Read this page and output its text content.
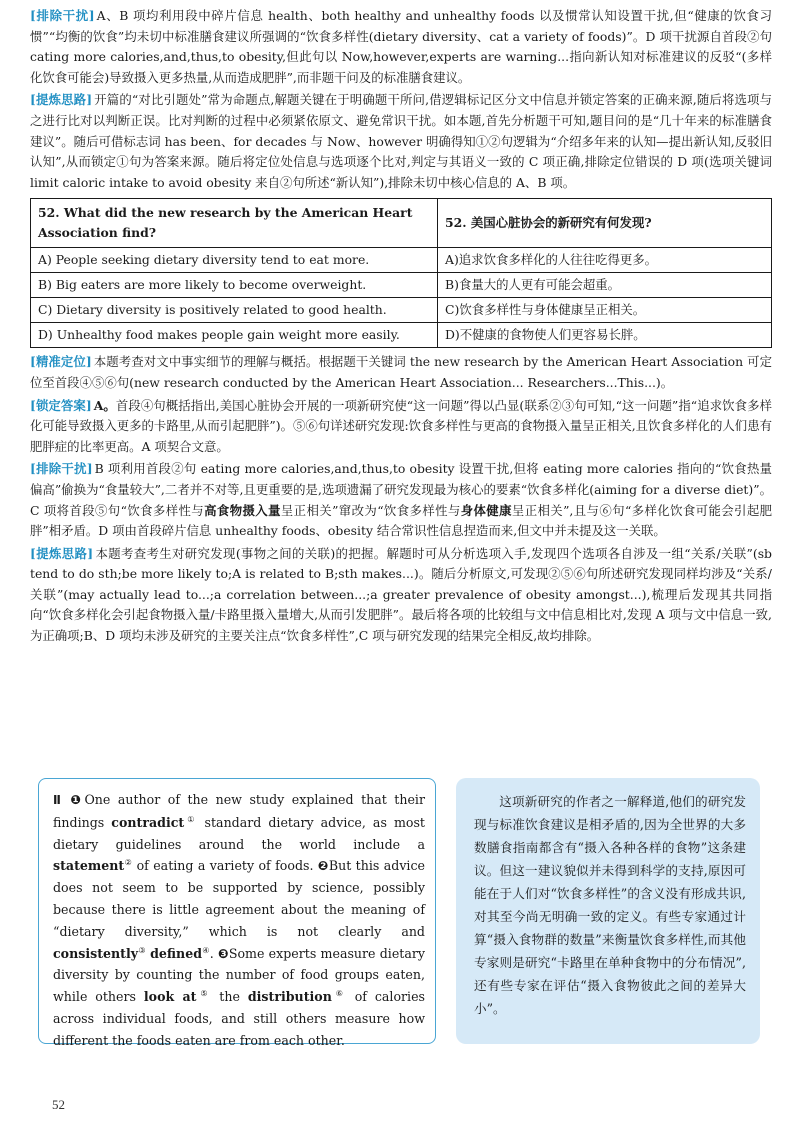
[排除干扰] A、B 项均利用段中碎片信息 health、both healthy and unhealthy foods 以及惯常认知设置干扰,但“健康的饮食习惯”“均衡的饮食”均未切中标准膳食建议所强调的“饮食多样性(dietary diversity、cat a variety of foods)”。D 项干扰源自首段②句 cating more calories,and,thus,to obesity,但此句以 Now,however,experts are warning...指向新认知对标准建议的反驳“(多样化饮食可能会)导致摄入更多热量,从而造成肥胖”,而非题干问及的标准膳食建议。

[提炼思路] 开篇的“对比引题处”常为命题点,解题关键在于明确题干所问,借逻辑标记区分文中信息并锁定答案的正确来源,随后将选项与之进行比对以判断正误。比对判断的过程中必须紧依原文、避免常识干扰。如本题,首先分析题干可知,题目问的是“几十年来的标准膳食建议”。随后可借标志词 has been、for decades 与 Now、however 明确得知①②句逻辑为“介绍多年来的认知—提出新认知,反驳旧认知”,从而锁定①句为答案来源。随后将定位处信息与选项逐个比对,判定与其语义一致的 C 项正确,排除定位错误的 D 项(选项关键词 limit caloric intake to avoid obesity 来自②句所述“新认知”),排除未切中核心信息的 A、B 项。

52. What did the new research by the American Heart Association find?	52. 美国心脏协会的新研究有何发现?
A) People seeking dietary diversity tend to eat more.	A)追求饮食多样化的人往往吃得更多。
B) Big eaters are more likely to become overweight.	B)食量大的人更有可能会超重。
C) Dietary diversity is positively related to good health.	C)饮食多样性与身体健康呈正相关。
D) Unhealthy food makes people gain weight more easily.	D)不健康的食物使人们更容易长胖。

[精准定位] 本题考查对文中事实细节的理解与概括。根据题干关键词 the new research by the American Heart Association 可定位至首段④⑤⑥句(new research conducted by the American Heart Association... Researchers...This...)。

[锁定答案] A。首段④句概括指出,美国心脏协会开展的一项新研究使“这一问题”得以凸显(联系②③句可知,“这一问题”指“追求饮食多样化可能导致摄入更多的卡路里,从而引起肥胖”)。⑤⑥句详述研究发现:饮食多样性与更高的食物摄入量呈正相关,且饮食多样化的人们患有肥胖症的比率更高。A 项契合文意。

[排除干扰] B 项利用首段②句 eating more calories,and,thus,to obesity 设置干扰,但将 eating more calories 指向的“饮食热量偏高”偷换为“食量较大”,二者并不对等,且更重要的是,选项遗漏了研究发现最为核心的要素“饮食多样化(aiming for a diverse diet)”。C 项将首段⑤句“饮食多样性与高食物摄入量呈正相关”窜改为“饮食多样性与身体健康呈正相关”,且与⑥句“多样化饮食可能会引起肥胖”相矛盾。D 项由首段碎片信息 unhealthy foods、obesity 结合常识性信息捏造而来,但文中并未提及这一关联。

[提炼思路] 本题考查考生对研究发现(事物之间的关联)的把握。解题时可从分析选项入手,发现四个选项各自涉及一组“关系/关联”(sb tend to do sth;be more likely to;A is related to B;sth makes...)。随后分析原文,可发现②⑤⑥句所述研究发现同样均涉及“关系/关联”(may actually lead to...;a correlation between...;a greater prevalence of obesity amongst...),梳理后发现其共同指向“饮食多样化会引起食物摄入量/卡路里摄入量增大,从而引发肥胖”。最后将各项的比较组与文中信息相比对,发现 A 项与文中信息一致,为正确项;B、D 项均未涉及研究的主要关注点“饮食多样性”,C 项与研究发现的结果完全相反,故均排除。

Ⅱ ❶One author of the new study explained that their findings contradict① standard dietary advice, as most dietary guidelines around the world include a statement② of eating a variety of foods. ❷But this advice does not seem to be supported by science, possibly because there is little agreement about the meaning of “dietary diversity,” which is not clearly and consistently③ defined④. ❸Some experts measure dietary diversity by counting the number of food groups eaten, while others look at⑤ the distribution⑥ of calories across individual foods, and still others measure how different the foods eaten are from each other.
这项新研究的作者之一解释道,他们的研究发现与标准饮食建议是相矛盾的,因为全世界的大多数膳食指南都含有“摄入各种各样的食物”这条建议。但这一建议貌似并未得到科学的支持,原因可能在于人们对“饮食多样性”的含义没有形成共识,对其至今尚无明确一致的定义。有些专家通过计算“摄入食物群的数量”来衡量饮食多样性,而其他专家则是研究“卡路里在单种食物中的分布情况”,还有些专家在评估“摄入食物彼此之间的差异大小”。
52
